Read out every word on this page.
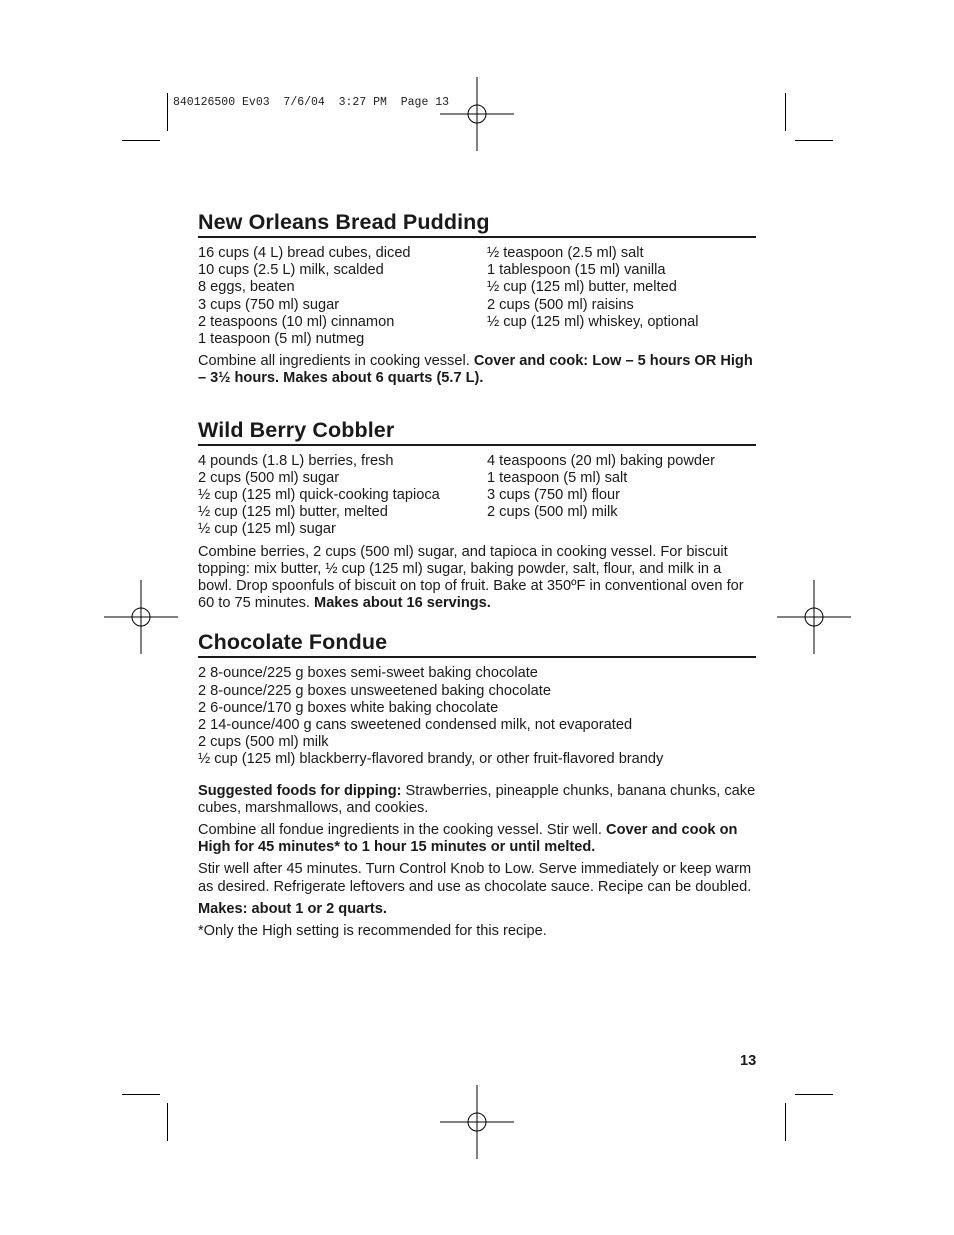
840126500 Ev03  7/6/04  3:27 PM  Page 13
New Orleans Bread Pudding
16 cups (4 L) bread cubes, diced
10 cups (2.5 L) milk, scalded
8 eggs, beaten
3 cups (750 ml) sugar
2 teaspoons (10 ml) cinnamon
1 teaspoon (5 ml) nutmeg
½ teaspoon (2.5 ml) salt
1 tablespoon (15 ml) vanilla
½ cup (125 ml) butter, melted
2 cups (500 ml) raisins
½ cup (125 ml) whiskey, optional

Combine all ingredients in cooking vessel. Cover and cook: Low – 5 hours OR High – 3½ hours. Makes about 6 quarts (5.7 L).

Wild Berry Cobbler
4 pounds (1.8 L) berries, fresh
2 cups (500 ml) sugar
½ cup (125 ml) quick-cooking tapioca
½ cup (125 ml) butter, melted
½ cup (125 ml) sugar
4 teaspoons (20 ml) baking powder
1 teaspoon (5 ml) salt
3 cups (750 ml) flour
2 cups (500 ml) milk

Combine berries, 2 cups (500 ml) sugar, and tapioca in cooking vessel. For biscuit topping: mix butter, ½ cup (125 ml) sugar, baking powder, salt, flour, and milk in a bowl. Drop spoonfuls of biscuit on top of fruit. Bake at 350ºF in conventional oven for 60 to 75 minutes. Makes about 16 servings.

Chocolate Fondue
2 8-ounce/225 g boxes semi-sweet baking chocolate
2 8-ounce/225 g boxes unsweetened baking chocolate
2 6-ounce/170 g boxes white baking chocolate
2 14-ounce/400 g cans sweetened condensed milk, not evaporated
2 cups (500 ml) milk
½ cup (125 ml) blackberry-flavored brandy, or other fruit-flavored brandy

Suggested foods for dipping: Strawberries, pineapple chunks, banana chunks, cake cubes, marshmallows, and cookies.

Combine all fondue ingredients in the cooking vessel. Stir well. Cover and cook on High for 45 minutes* to 1 hour 15 minutes or until melted.

Stir well after 45 minutes. Turn Control Knob to Low. Serve immediately or keep warm as desired. Refrigerate leftovers and use as chocolate sauce. Recipe can be doubled.

Makes: about 1 or 2 quarts.

*Only the High setting is recommended for this recipe.

13
